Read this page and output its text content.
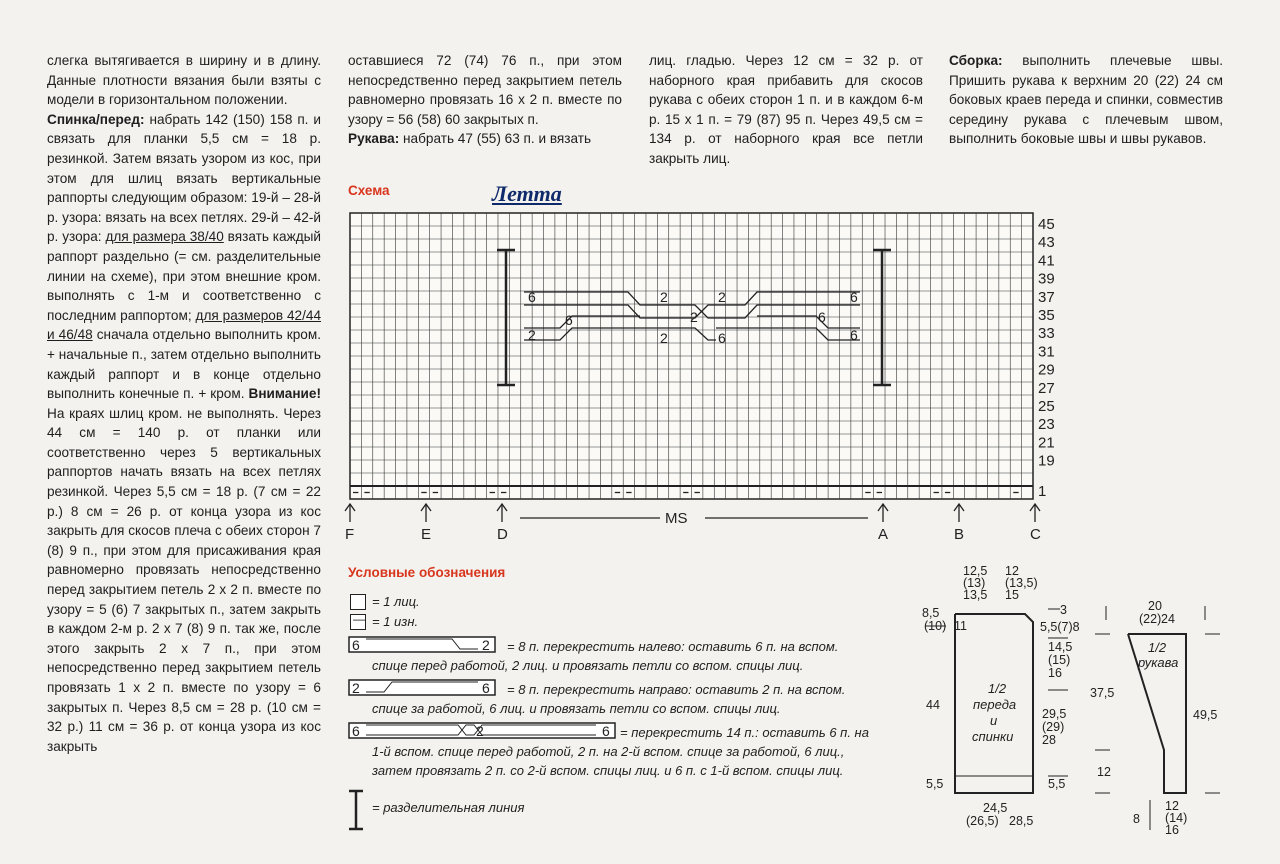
слегка вытягивается в ширину и в длину. Данные плотности вязания были взяты с модели в горизонтальном положении.

Спинка/перед: набрать 142 (150) 158 п. и связать для планки 5,5 см = 18 р. резинкой. Затем вязать узором из кос, при этом для шлиц вязать вертикальные раппорты следующим образом: 19-й – 28-й р. узора: вязать на всех петлях. 29-й – 42-й р. узора: для размера 38/40 вязать каждый раппорт раздельно (= см. разделительные линии на схеме), при этом внешние кром. выполнять с 1-м и соответственно с последним раппортом; для размеров 42/44 и 46/48 сначала отдельно выполнить кром. + начальные п., затем отдельно выполнить каждый раппорт и в конце отдельно выполнить конечные п. + кром. Внимание! На краях шлиц кром. не выполнять. Через 44 см = 140 р. от планки или соответственно через 5 вертикальных раппортов начать вязать на всех петлях резинкой. Через 5,5 см = 18 р. (7 см = 22 р.) 8 см = 26 р. от конца узора из кос закрыть для скосов плеча с обеих сторон 7 (8) 9 п., при этом для присаживания края равномерно провязать непосредственно перед закрытием петель 2 х 2 п. вместе по узору = 5 (6) 7 закрытых п., затем закрыть в каждом 2-м р. 2 х 7 (8) 9 п. так же, после этого закрыть 2 х 7 п., при этом непосредственно перед закрытием петель провязать 1 х 2 п. вместе по узору = 6 закрытых п. Через 8,5 см = 28 р. (10 см = 32 р.) 11 см = 36 р. от конца узора из кос закрыть

оставшиеся 72 (74) 76 п., при этом непосредственно перед закрытием петель равномерно провязать 16 х 2 п. вместе по узору = 56 (58) 60 закрытых п.

Рукава: набрать 47 (55) 63 п. и вязать

лиц. гладью. Через 12 см = 32 р. от наборного края прибавить для скосов рукава с обеих сторон 1 п. и в каждом 6-м р. 15 х 1 п. = 79 (87) 95 п. Через 49,5 см = 134 р. от наборного края все петли закрыть лиц.

Сборка: выполнить плечевые швы. Пришить рукава к верхним 20 (22) 24 см боковых краев переда и спинки, совместив середину рукава с плечевым швом, выполнить боковые швы и швы рукавов.

Схема	Летта
6	2	2	6
2
6	6
2	2	6	6
45
43
41
39
37
35
33
31
29
27
25
23
21
19
1
F	E	D	A	B	C
MS
12,5
(13)
13,5
12
(13,5)
15
3
8,5
(10) 11	5,5(7)8
14,5
(15)
16
29,5
(29)
28
44
5,5	5,5
24,5
(26,5) 28,5
1/2
переда
и
спинки
20
(22) 24
37,5
12
8
49,5
12
(14)
16
1/2
рукава
Условные обозначения
= 1 лиц.
— = 1 изн.
6	2
2	6
6	2	6
= разделительная линия
= 8 п. перекрестить налево: оставить 6 п. на вспом. спице перед работой, 2 лиц. и провязать петли со вспом. спицы лиц.
= 8 п. перекрестить направо: оставить 2 п. на вспом. спице за работой, 6 лиц. и провязать петли со вспом. спицы лиц.
= перекрестить 14 п.: оставить 6 п. на 1-й вспом. спице перед работой, 2 п. на 2-й вспом. спице за работой, 6 лиц., затем провязать 2 п. со 2-й вспом. спицы лиц. и 6 п. с 1-й вспом. спицы лиц.
